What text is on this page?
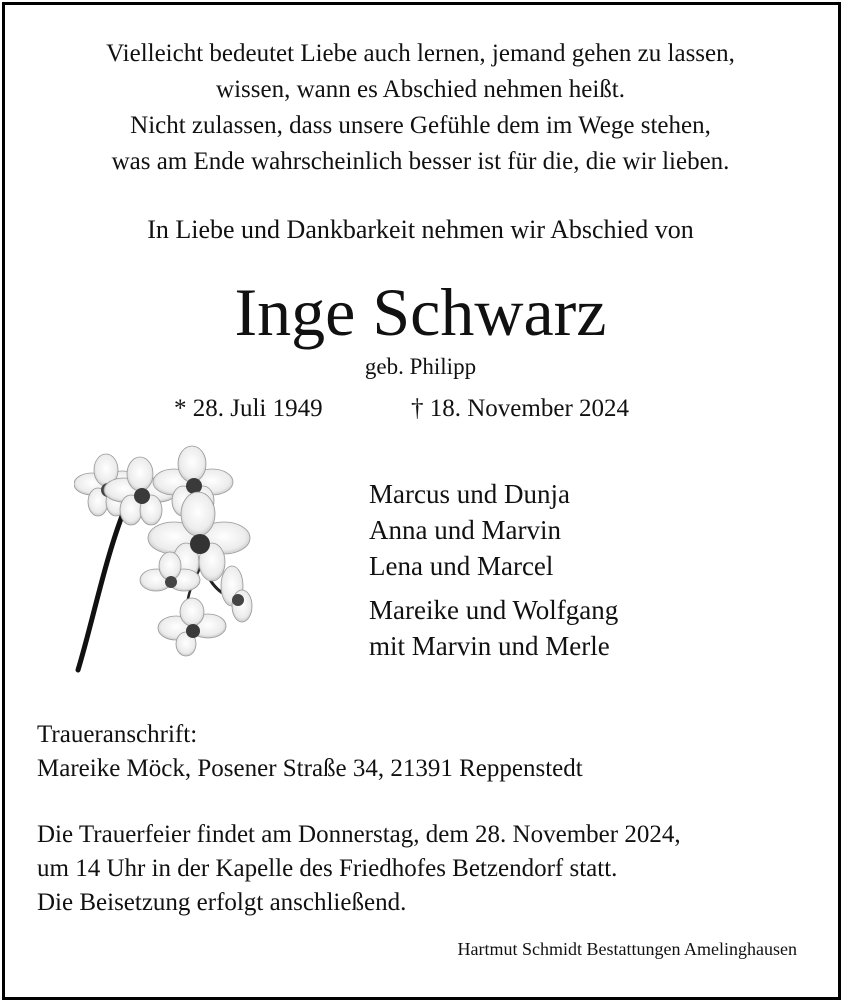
Vielleicht bedeutet Liebe auch lernen, jemand gehen zu lassen,
wissen, wann es Abschied nehmen heißt.
Nicht zulassen, dass unsere Gefühle dem im Wege stehen,
was am Ende wahrscheinlich besser ist für die, die wir lieben.
In Liebe und Dankbarkeit nehmen wir Abschied von
Inge Schwarz
geb. Philipp
* 28. Juli 1949	† 18. November 2024
Marcus und Dunja
Anna und Marvin
Lena und Marcel
Mareike und Wolfgang
mit Marvin und Merle
Traueranschrift:
Mareike Möck, Posener Straße 34, 21391 Reppenstedt
Die Trauerfeier findet am Donnerstag, dem 28. November 2024,
um 14 Uhr in der Kapelle des Friedhofes Betzendorf statt.
Die Beisetzung erfolgt anschließend.
Hartmut Schmidt Bestattungen Amelinghausen
